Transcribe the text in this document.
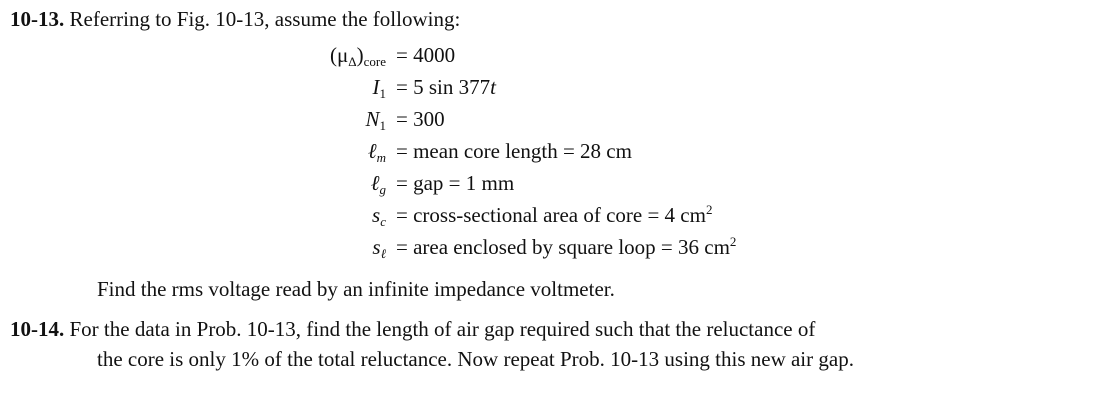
10-13. Referring to Fig. 10-13, assume the following:
$(\mu_\Delta)_{core} = 4000$
$I_1 = 5$ sin 377t
$N_1 = 300$
ℓ$_m$ = mean core length = 28 cm
ℓ$_g$ = gap = 1 mm
$s_c$ = cross-sectional area of core = 4 $cm^2$
$s_\ell$ = area enclosed by square loop = 36 $cm^2$
Find the rms voltage read by an infinite impedance voltmeter.
10-14. For the data in Prob. 10-13, find the length of air gap required such that the reluctance of
the core is only 1% of the total reluctance. Now repeat Prob. 10-13 using this new air gap.
